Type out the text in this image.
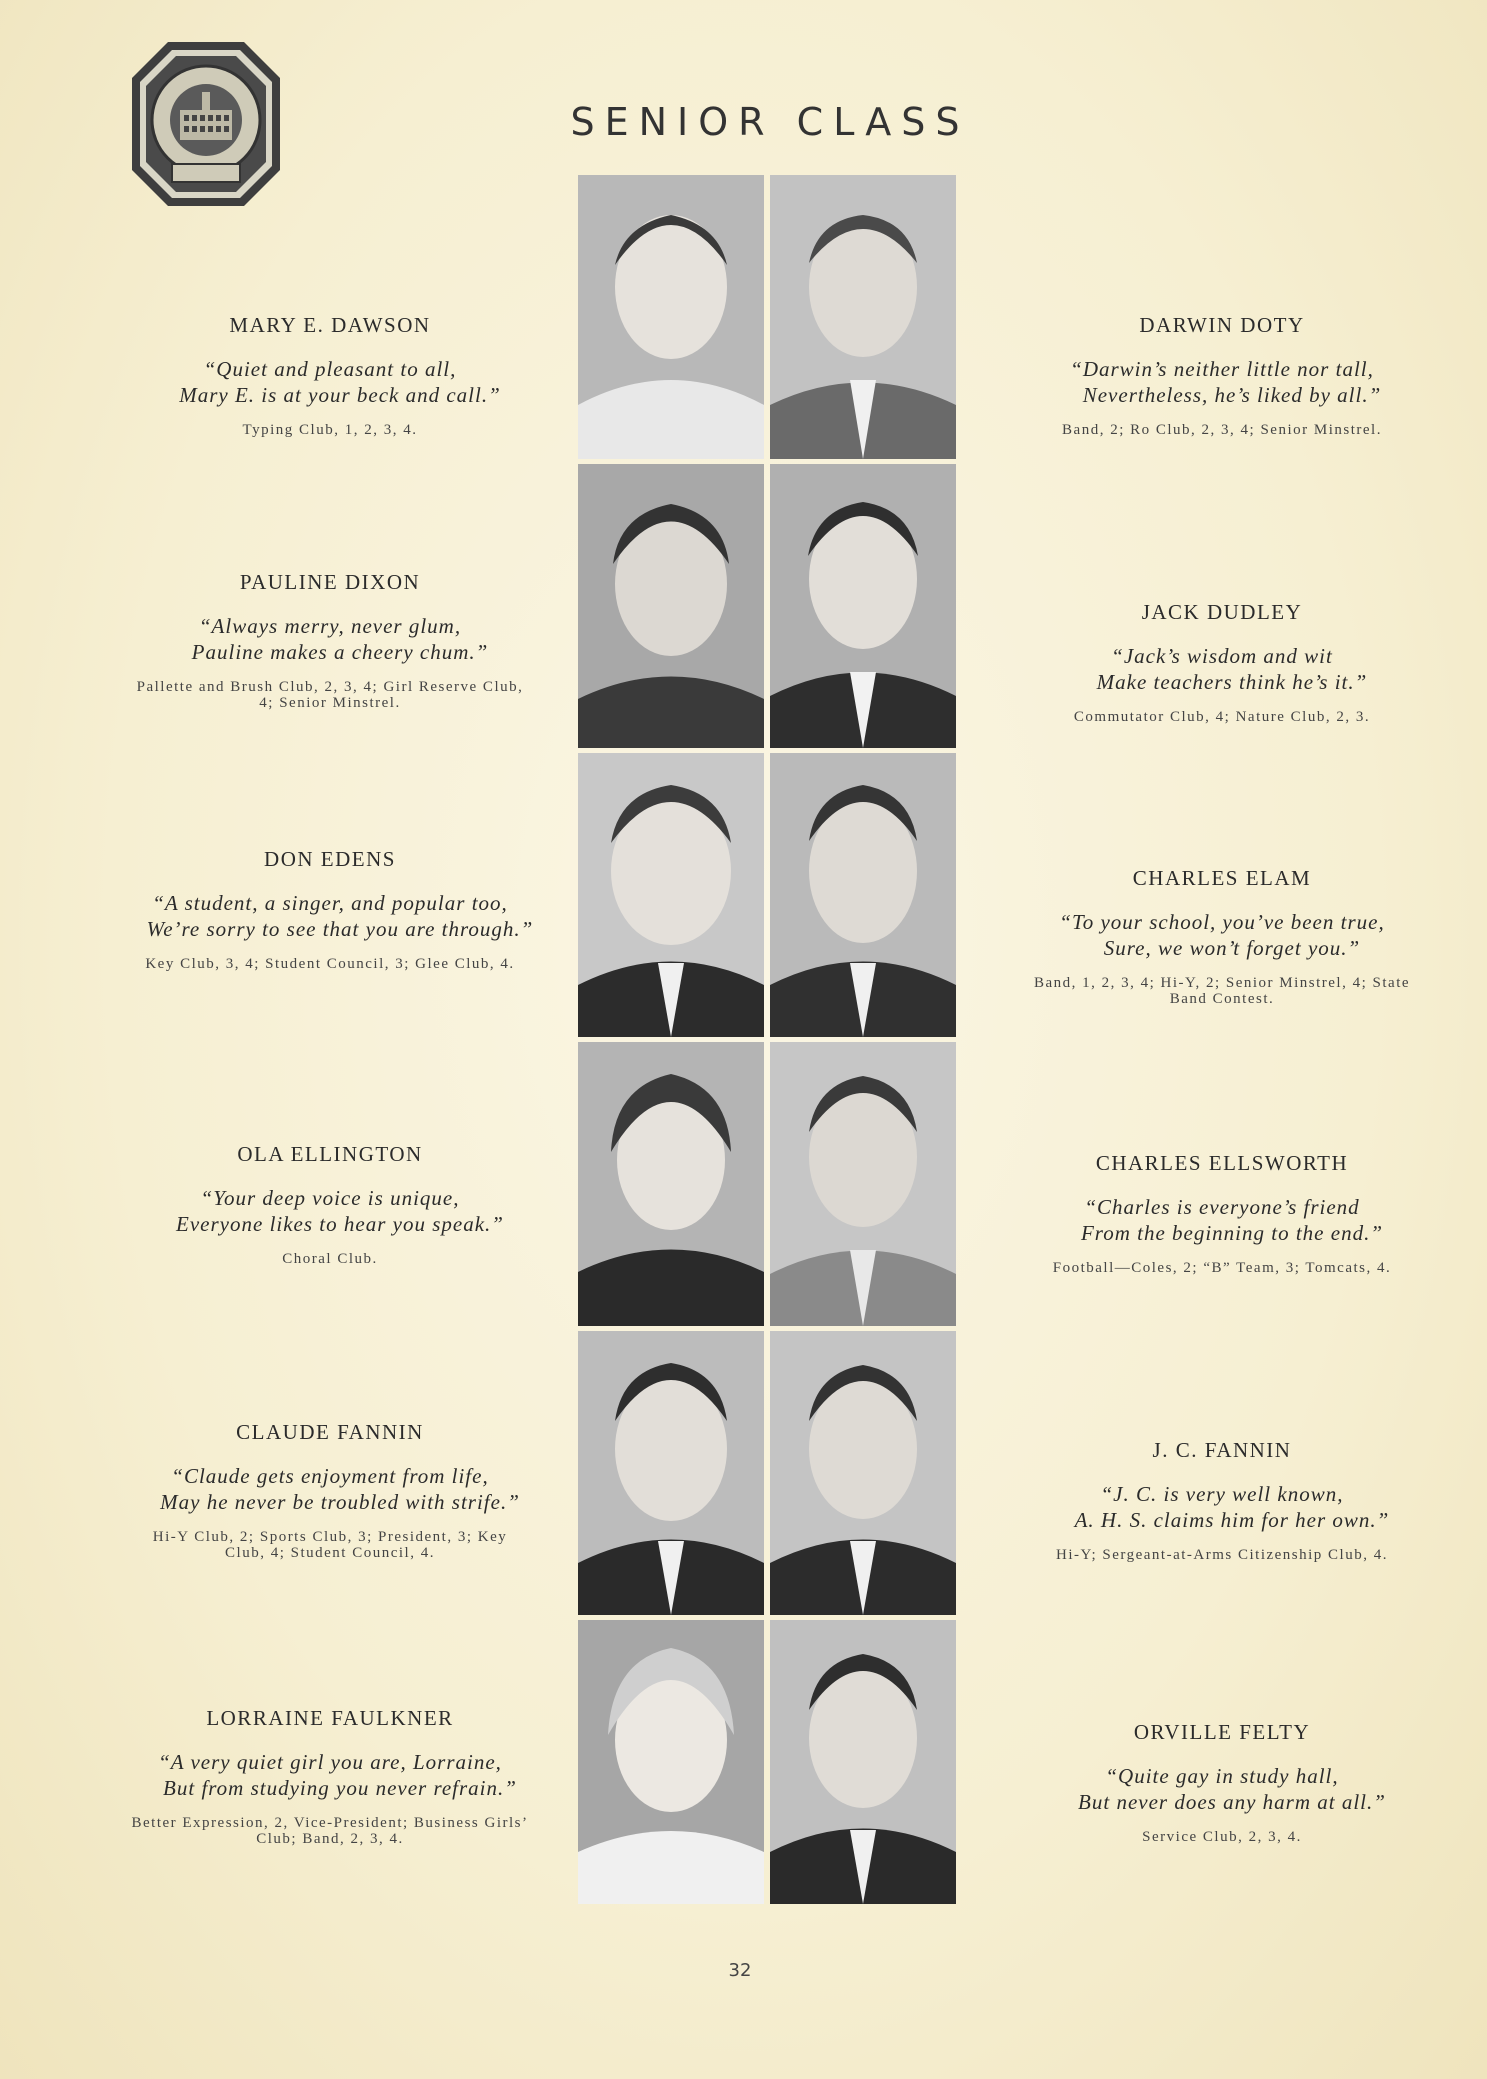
SENIOR CLASS
MARY E. DAWSON
“Quiet and pleasant to all,
Mary E. is at your beck and call.”
Typing Club, 1, 2, 3, 4.
PAULINE DIXON
“Always merry, never glum,
Pauline makes a cheery chum.”
Pallette and Brush Club, 2, 3, 4; Girl Reserve Club, 4; Senior Minstrel.
DON EDENS
“A student, a singer, and popular too,
We’re sorry to see that you are through.”
Key Club, 3, 4; Student Council, 3; Glee Club, 4.
OLA ELLINGTON
“Your deep voice is unique,
Everyone likes to hear you speak.”
Choral Club.
CLAUDE FANNIN
“Claude gets enjoyment from life,
May he never be troubled with strife.”
Hi-Y Club, 2; Sports Club, 3; President, 3; Key Club, 4; Student Council, 4.
LORRAINE FAULKNER
“A very quiet girl you are, Lorraine,
But from studying you never refrain.”
Better Expression, 2, Vice-President; Business Girls’ Club; Band, 2, 3, 4.
DARWIN DOTY
“Darwin’s neither little nor tall,
Nevertheless, he’s liked by all.”
Band, 2; Ro Club, 2, 3, 4; Senior Minstrel.
JACK DUDLEY
“Jack’s wisdom and wit
Make teachers think he’s it.”
Commutator Club, 4; Nature Club, 2, 3.
CHARLES ELAM
“To your school, you’ve been true,
Sure, we won’t forget you.”
Band, 1, 2, 3, 4; Hi-Y, 2; Senior Minstrel, 4; State Band Contest.
CHARLES ELLSWORTH
“Charles is everyone’s friend
From the beginning to the end.”
Football—Coles, 2; “B” Team, 3; Tomcats, 4.
J. C. FANNIN
“J. C. is very well known,
A. H. S. claims him for her own.”
Hi-Y; Sergeant-at-Arms Citizenship Club, 4.
ORVILLE FELTY
“Quite gay in study hall,
But never does any harm at all.”
Service Club, 2, 3, 4.
32
